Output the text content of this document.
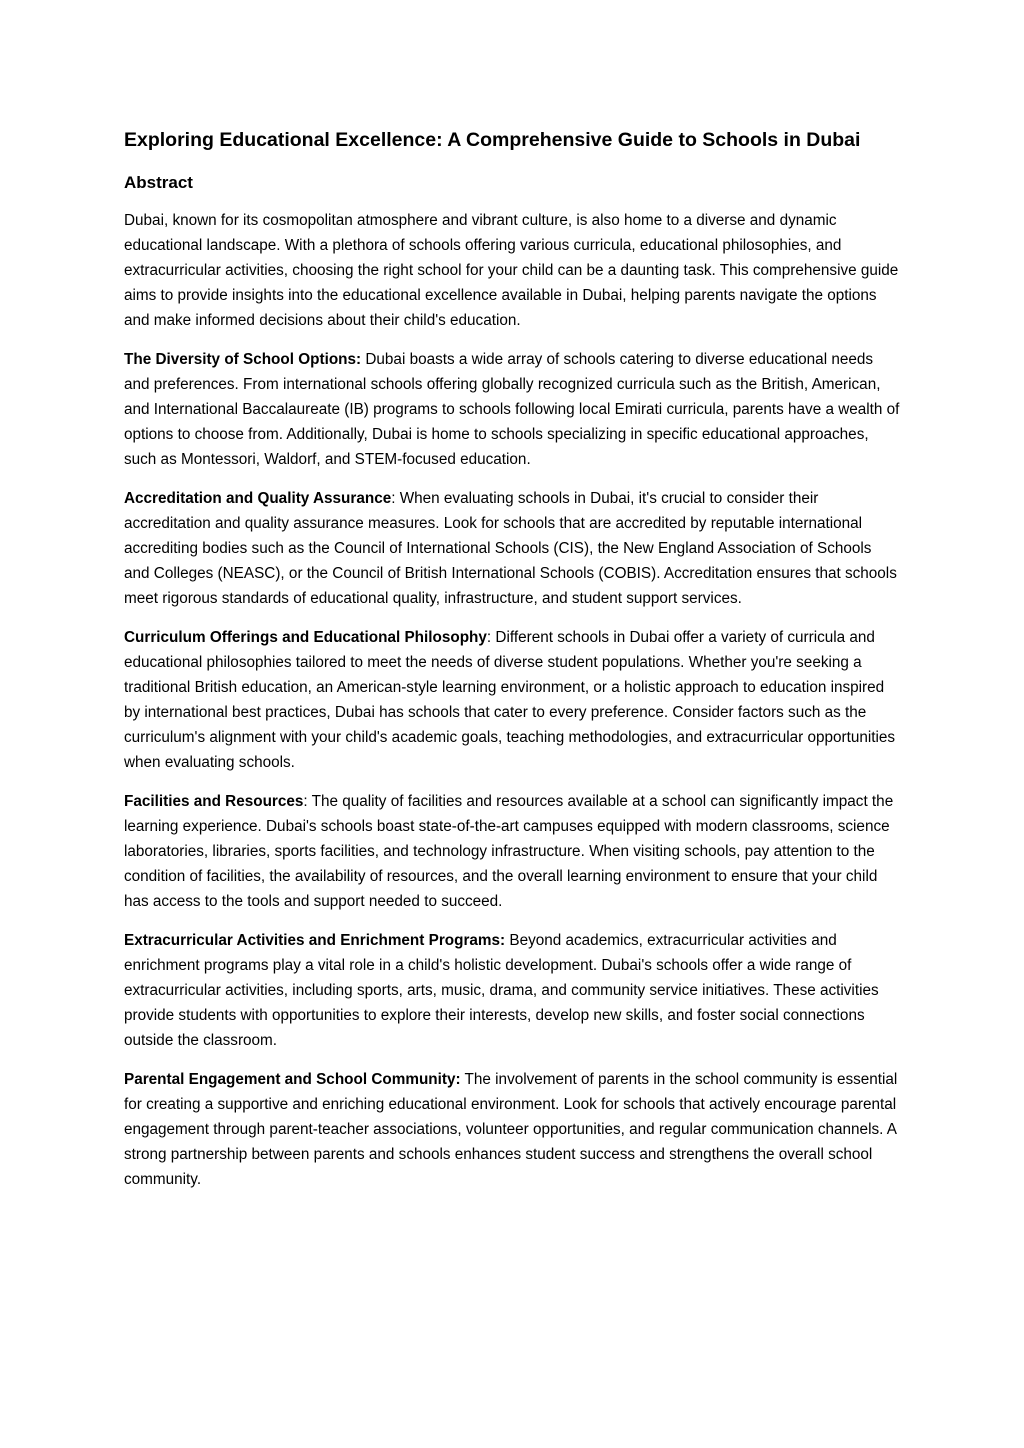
Exploring Educational Excellence: A Comprehensive Guide to Schools in Dubai
Abstract

Dubai, known for its cosmopolitan atmosphere and vibrant culture, is also home to a diverse and dynamic educational landscape. With a plethora of schools offering various curricula, educational philosophies, and extracurricular activities, choosing the right school for your child can be a daunting task. This comprehensive guide aims to provide insights into the educational excellence available in Dubai, helping parents navigate the options and make informed decisions about their child's education.

The Diversity of School Options: Dubai boasts a wide array of schools catering to diverse educational needs and preferences. From international schools offering globally recognized curricula such as the British, American, and International Baccalaureate (IB) programs to schools following local Emirati curricula, parents have a wealth of options to choose from. Additionally, Dubai is home to schools specializing in specific educational approaches, such as Montessori, Waldorf, and STEM-focused education.

Accreditation and Quality Assurance: When evaluating schools in Dubai, it's crucial to consider their accreditation and quality assurance measures. Look for schools that are accredited by reputable international accrediting bodies such as the Council of International Schools (CIS), the New England Association of Schools and Colleges (NEASC), or the Council of British International Schools (COBIS). Accreditation ensures that schools meet rigorous standards of educational quality, infrastructure, and student support services.

Curriculum Offerings and Educational Philosophy: Different schools in Dubai offer a variety of curricula and educational philosophies tailored to meet the needs of diverse student populations. Whether you're seeking a traditional British education, an American-style learning environment, or a holistic approach to education inspired by international best practices, Dubai has schools that cater to every preference. Consider factors such as the curriculum's alignment with your child's academic goals, teaching methodologies, and extracurricular opportunities when evaluating schools.

Facilities and Resources: The quality of facilities and resources available at a school can significantly impact the learning experience. Dubai's schools boast state-of-the-art campuses equipped with modern classrooms, science laboratories, libraries, sports facilities, and technology infrastructure. When visiting schools, pay attention to the condition of facilities, the availability of resources, and the overall learning environment to ensure that your child has access to the tools and support needed to succeed.

Extracurricular Activities and Enrichment Programs: Beyond academics, extracurricular activities and enrichment programs play a vital role in a child's holistic development. Dubai's schools offer a wide range of extracurricular activities, including sports, arts, music, drama, and community service initiatives. These activities provide students with opportunities to explore their interests, develop new skills, and foster social connections outside the classroom.

Parental Engagement and School Community: The involvement of parents in the school community is essential for creating a supportive and enriching educational environment. Look for schools that actively encourage parental engagement through parent-teacher associations, volunteer opportunities, and regular communication channels. A strong partnership between parents and schools enhances student success and strengthens the overall school community.
